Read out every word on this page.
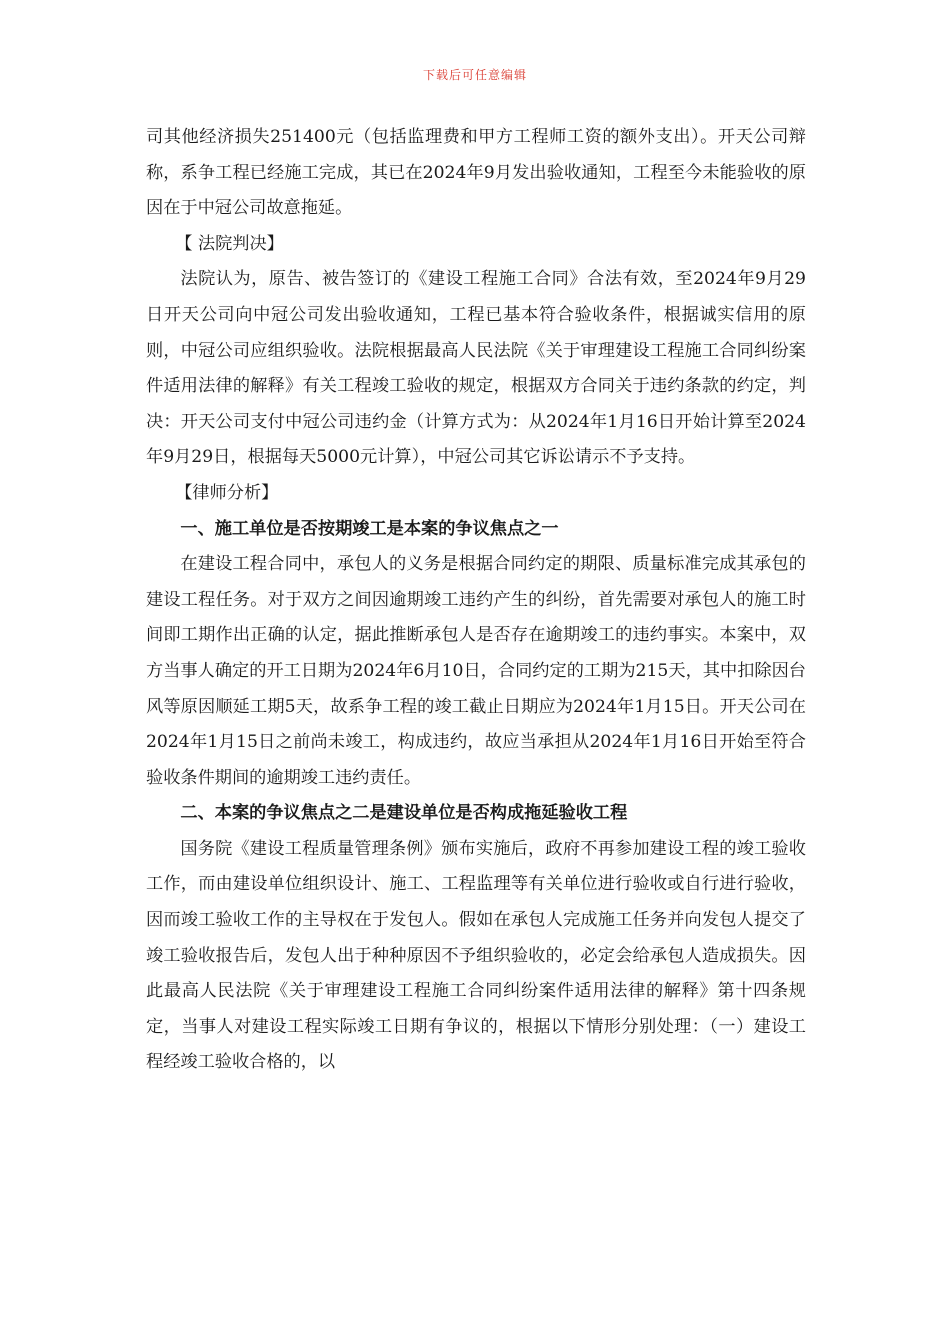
下载后可任意编辑

司其他经济损失251400元（包括监理费和甲方工程师工资的额外支出）。开天公司辩称，系争工程已经施工完成，其已在2024年9月发出验收通知，工程至今未能验收的原因在于中冠公司故意拖延。

【 法院判决】

法院认为，原告、被告签订的《建设工程施工合同》合法有效，至2024年9月29日开天公司向中冠公司发出验收通知，工程已基本符合验收条件，根据诚实信用的原则，中冠公司应组织验收。法院根据最高人民法院《关于审理建设工程施工合同纠纷案件适用法律的解释》有关工程竣工验收的规定，根据双方合同关于违约条款的约定，判决：开天公司支付中冠公司违约金（计算方式为：从2024年1月16日开始计算至2024年9月29日，根据每天5000元计算），中冠公司其它诉讼请示不予支持。

【律师分析】

一、施工单位是否按期竣工是本案的争议焦点之一

在建设工程合同中，承包人的义务是根据合同约定的期限、质量标准完成其承包的建设工程任务。对于双方之间因逾期竣工违约产生的纠纷，首先需要对承包人的施工时间即工期作出正确的认定，据此推断承包人是否存在逾期竣工的违约事实。本案中，双方当事人确定的开工日期为2024年6月10日，合同约定的工期为215天，其中扣除因台风等原因顺延工期5天，故系争工程的竣工截止日期应为2024年1月15日。开天公司在2024年1月15日之前尚未竣工，构成违约，故应当承担从2024年1月16日开始至符合验收条件期间的逾期竣工违约责任。

二、本案的争议焦点之二是建设单位是否构成拖延验收工程

国务院《建设工程质量管理条例》颁布实施后，政府不再参加建设工程的竣工验收工作，而由建设单位组织设计、施工、工程监理等有关单位进行验收或自行进行验收，因而竣工验收工作的主导权在于发包人。假如在承包人完成施工任务并向发包人提交了竣工验收报告后，发包人出于种种原因不予组织验收的，必定会给承包人造成损失。因此最高人民法院《关于审理建设工程施工合同纠纷案件适用法律的解释》第十四条规定，当事人对建设工程实际竣工日期有争议的，根据以下情形分别处理：（一）建设工程经竣工验收合格的，以
